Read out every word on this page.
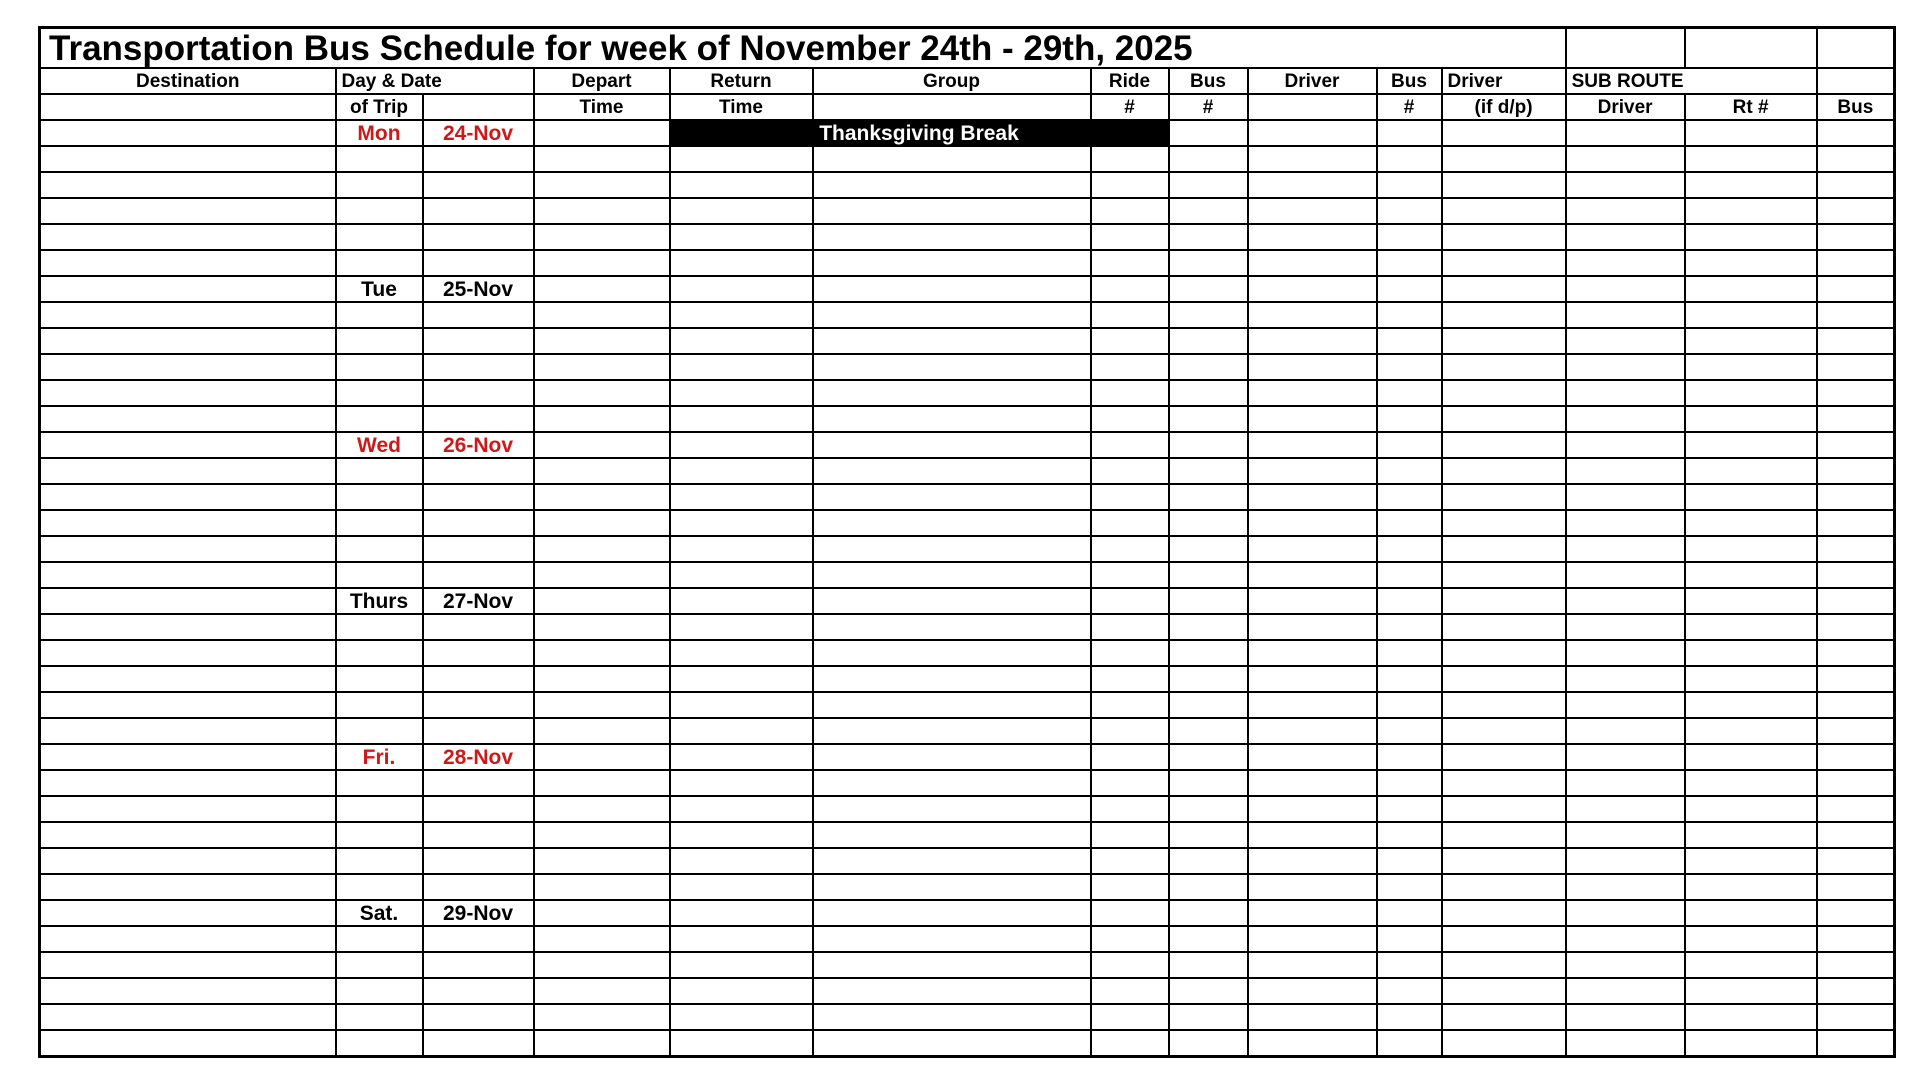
Transportation Bus Schedule for week of November 24th - 29th, 2025													
Destination	Day & Date		Depart	Return	Group	Ride	Bus	Driver	Bus	Driver	SUB ROUTE		
	of Trip		Time	Time		#	#		#	(if d/p)	Driver	Rt #	Bus
	Mon	24-Nov		Thanksgiving Break									

	Tue	25-Nov											

	Wed	26-Nov											

	Thurs	27-Nov											

	Fri.	28-Nov											

	Sat.	29-Nov											
